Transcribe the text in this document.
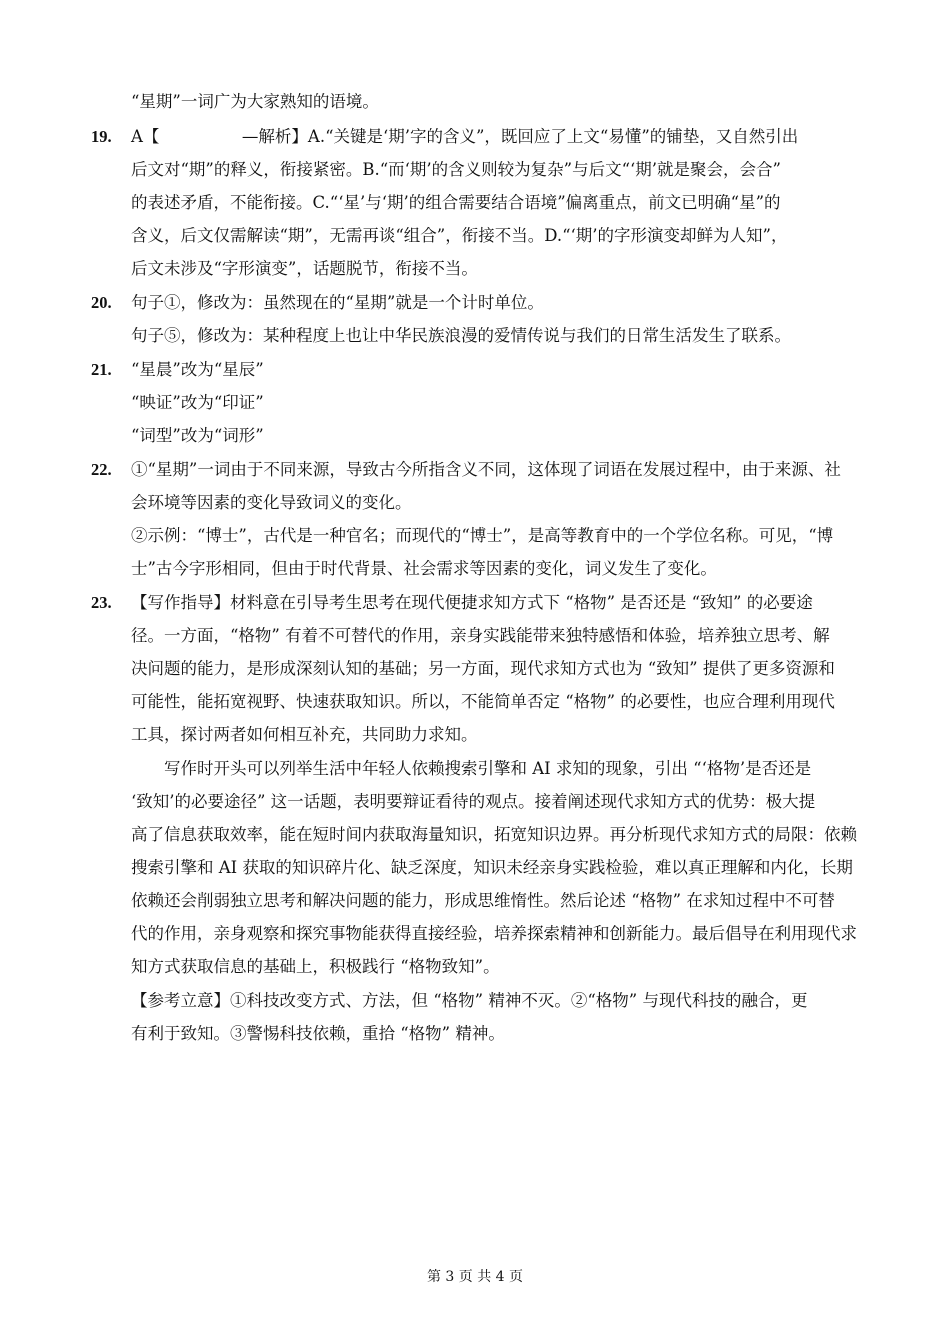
“星期”一词广为大家熟知的语境。
19. A【　　　　　—解析】A.“关键是‘期’字的含义”，既回应了上文“易懂”的铺垫，又自然引出
后文对“期”的释义，衔接紧密。B.“而‘期’的含义则较为复杂”与后文“‘期’就是聚会，会合”
的表述矛盾，不能衔接。C.“‘星’与‘期’的组合需要结合语境”偏离重点，前文已明确“星”的
含义，后文仅需解读“期”，无需再谈“组合”，衔接不当。D.“‘期’的字形演变却鲜为人知”，
后文未涉及“字形演变”，话题脱节，衔接不当。
20. 句子①，修改为：虽然现在的“星期”就是一个计时单位。
句子⑤，修改为：某种程度上也让中华民族浪漫的爱情传说与我们的日常生活发生了联系。
21. “星晨”改为“星辰”
“映证”改为“印证”
“词型”改为“词形”
22. ①“星期”一词由于不同来源，导致古今所指含义不同，这体现了词语在发展过程中，由于来源、社
会环境等因素的变化导致词义的变化。
②示例：“博士”，古代是一种官名；而现代的“博士”，是高等教育中的一个学位名称。可见，“博
士”古今字形相同，但由于时代背景、社会需求等因素的变化，词义发生了变化。
23. 【写作指导】材料意在引导考生思考在现代便捷求知方式下 “格物” 是否还是 “致知” 的必要途
径。一方面，“格物” 有着不可替代的作用，亲身实践能带来独特感悟和体验，培养独立思考、解
决问题的能力，是形成深刻认知的基础；另一方面，现代求知方式也为 “致知” 提供了更多资源和
可能性，能拓宽视野、快速获取知识。所以，不能简单否定 “格物” 的必要性，也应合理利用现代
工具，探讨两者如何相互补充，共同助力求知。
写作时开头可以列举生活中年轻人依赖搜索引擎和 AI 求知的现象，引出 “‘格物’是否还是
‘致知’的必要途径” 这一话题，表明要辩证看待的观点。接着阐述现代求知方式的优势：极大提
高了信息获取效率，能在短时间内获取海量知识，拓宽知识边界。再分析现代求知方式的局限：依赖
搜索引擎和 AI 获取的知识碎片化、缺乏深度，知识未经亲身实践检验，难以真正理解和内化，长期
依赖还会削弱独立思考和解决问题的能力，形成思维惰性。然后论述 “格物” 在求知过程中不可替
代的作用，亲身观察和探究事物能获得直接经验，培养探索精神和创新能力。最后倡导在利用现代求
知方式获取信息的基础上，积极践行 “格物致知”。
【参考立意】①科技改变方式、方法，但 “格物” 精神不灭。②“格物” 与现代科技的融合，更
有利于致知。③警惕科技依赖，重拾 “格物” 精神。
第 3 页 共 4 页
